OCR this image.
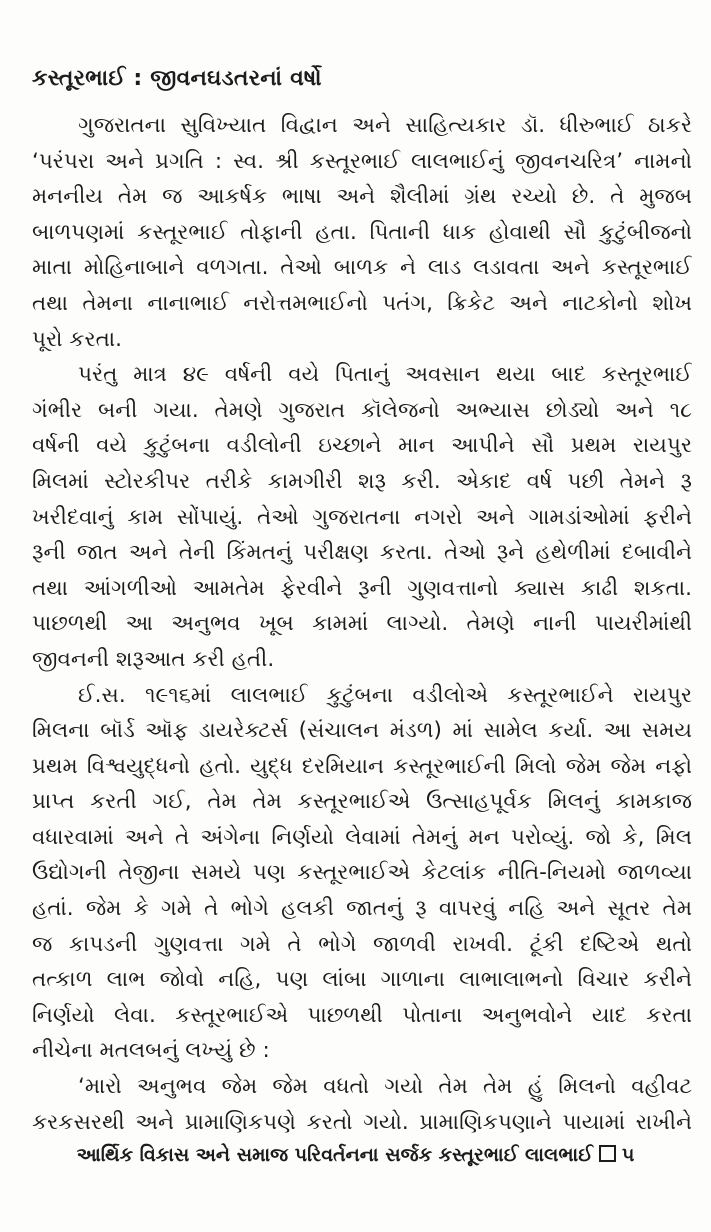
કસ્તૂરભાઈ : જીવનઘડતરનાં વર્ષો
ગુજરાતના સુવિખ્યાત વિદ્વાન અને સાહિત્યકાર ડૉ. ધીરુભાઈ ઠાકરે
‘પરંપરા અને પ્રગતિ : સ્વ. શ્રી કસ્તૂરભાઈ લાલભાઈનું જીવનચરિત્ર’ નામનો
મનનીય તેમ જ આકર્ષક ભાષા અને શૈલીમાં ગ્રંથ રચ્યો છે. તે મુજબ
બાળપણમાં કસ્તૂરભાઈ તોફાની હતા. પિતાની ધાક હોવાથી સૌ કુટુંબીજનો
માતા મોહિનાબાને વળગતા. તેઓ બાળક ને લાડ લડાવતા અને કસ્તૂરભાઈ
તથા તેમના નાનાભાઈ નરોત્તમભાઈનો પતંગ, ક્રિકેટ અને નાટકોનો શોખ
પૂરો કરતા.
પરંતુ માત્ર ૪૯ વર્ષની વયે પિતાનું અવસાન થયા બાદ કસ્તૂરભાઈ
ગંભીર બની ગયા. તેમણે ગુજરાત કૉલેજનો અભ્યાસ છોડ્યો અને ૧૮
વર્ષની વયે કુટુંબના વડીલોની ઇચ્છાને માન આપીને સૌ પ્રથમ રાયપુર
મિલમાં સ્ટોરકીપર તરીકે કામગીરી શરૂ કરી. એકાદ વર્ષ પછી તેમને રૂ
ખરીદવાનું કામ સોંપાયું. તેઓ ગુજરાતના નગરો અને ગામડાંઓમાં ફરીને
રૂની જાત અને તેની કિંમતનું પરીક્ષણ કરતા. તેઓ રૂને હથેળીમાં દબાવીને
તથા આંગળીઓ આમતેમ ફેરવીને રૂની ગુણવત્તાનો ક્યાસ કાઢી શકતા.
પાછળથી આ અનુભવ ખૂબ કામમાં લાગ્યો. તેમણે નાની પાયરીમાંથી
જીવનની શરૂઆત કરી હતી.
ઈ.સ. ૧૯૧૬માં લાલભાઈ કુટુંબના વડીલોએ કસ્તૂરભાઈને રાયપુર
મિલના બૉર્ડ ઑફ ડાયરેક્ટર્સ (સંચાલન મંડળ) માં સામેલ કર્યા. આ સમય
પ્રથમ વિશ્વયુદ્ધનો હતો. યુદ્ધ દરમિયાન કસ્તૂરભાઈની મિલો જેમ જેમ નફો
પ્રાપ્ત કરતી ગઈ, તેમ તેમ કસ્તૂરભાઈએ ઉત્સાહપૂર્વક મિલનું કામકાજ
વધારવામાં અને તે અંગેના નિર્ણયો લેવામાં તેમનું મન પરોવ્યું. જો કે, મિલ
ઉદ્યોગની તેજીના સમયે પણ કસ્તૂરભાઈએ કેટલાંક નીતિ-નિયમો જાળવ્યા
હતાં. જેમ કે ગમે તે ભોગે હલકી જાતનું રૂ વાપરવું નહિ અને સૂતર તેમ
જ કાપડની ગુણવત્તા ગમે તે ભોગે જાળવી રાખવી. ટૂંકી દષ્ટિએ થતો
તત્કાળ લાભ જોવો નહિ, પણ લાંબા ગાળાના લાભાલાભનો વિચાર કરીને
નિર્ણયો લેવા. કસ્તૂરભાઈએ પાછળથી પોતાના અનુભવોને યાદ કરતા
નીચેના મતલબનું લખ્યું છે :
‘મારો અનુભવ જેમ જેમ વધતો ગયો તેમ તેમ હું મિલનો વહીવટ
કરકસરથી અને પ્રામાણિકપણે કરતો ગયો. પ્રામાણિકપણાને પાયામાં રાખીને
આર્થિક વિકાસ અને સમાજ પરિવર્તનના સર્જક કસ્તૂરભાઈ લાલભાઈ ૫
